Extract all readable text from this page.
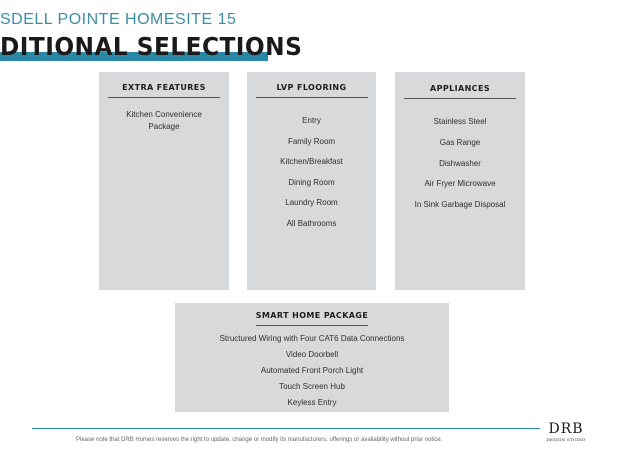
SDELL POINTE HOMESITE 15
DITIONAL SELECTIONS
EXTRA FEATURES
Kitchen Convenience
Package
LVP FLOORING
Entry
Family Room
Kitchen/Breakfast
Dining Room
Laundry Room
All Bathrooms
APPLIANCES
Stainless Steel
Gas Range
Dishwasher
Air Fryer Microwave
In Sink Garbage Disposal
SMART HOME PACKAGE
Structured Wiring with Four CAT6 Data Connections
Video Doorbell
Automated Front Porch Light
Touch Screen Hub
Keyless Entry
Please note that DRB Homes reserves the right to update, change or modify its manufacturers, offerings or availability without prior notice.
DRB
DESIGN STUDIO
